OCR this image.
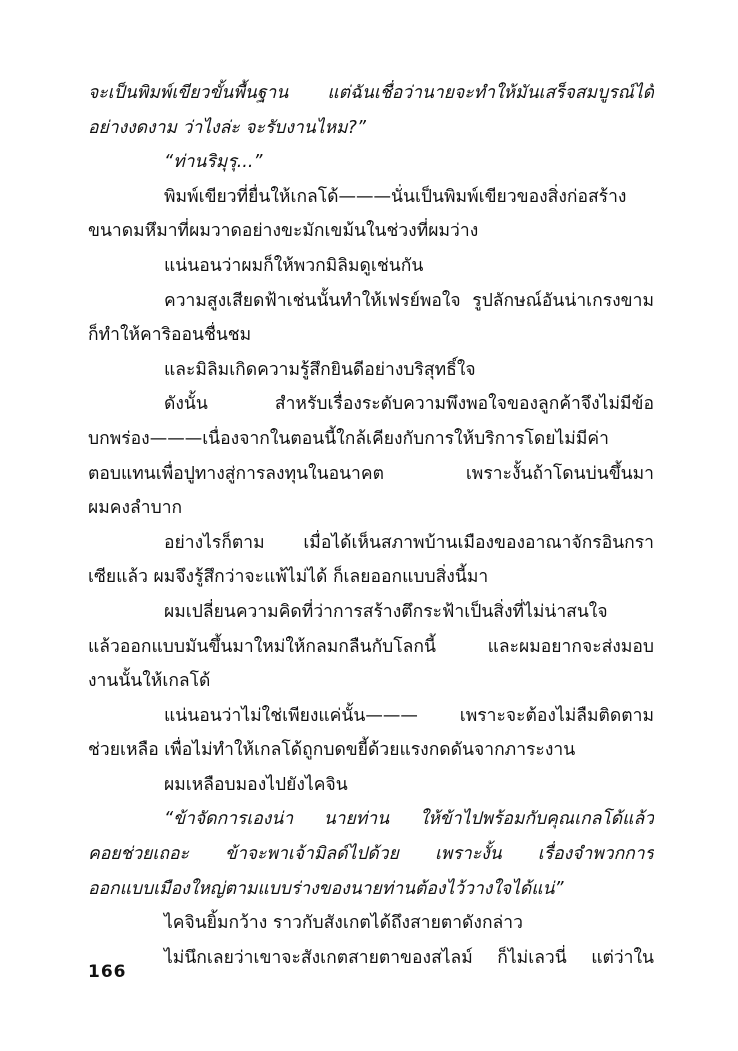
จะเป็นพิมพ์เขียวขั้นพื้นฐาน แต่ฉันเชื่อว่านายจะทำให้มันเสร็จสมบูรณ์ได้
อย่างงดงาม ว่าไงล่ะ จะรับงานไหม?”
“ท่านริมุรุ...”
พิมพ์เขียวที่ยื่นให้เกลโด้———นั่นเป็นพิมพ์เขียวของสิ่งก่อสร้าง
ขนาดมหึมาที่ผมวาดอย่างขะมักเขม้นในช่วงที่ผมว่าง
แน่นอนว่าผมก็ให้พวกมิลิมดูเช่นกัน
ความสูงเสียดฟ้าเช่นนั้นทำให้เฟรย์พอใจ รูปลักษณ์อันน่าเกรงขาม
ก็ทำให้คาริออนชื่นชม
และมิลิมเกิดความรู้สึกยินดีอย่างบริสุทธิ์ใจ
ดังนั้น สำหรับเรื่องระดับความพึงพอใจของลูกค้าจึงไม่มีข้อ
บกพร่อง———เนื่องจากในตอนนี้ใกล้เคียงกับการให้บริการโดยไม่มีค่า
ตอบแทนเพื่อปูทางสู่การลงทุนในอนาคต เพราะงั้นถ้าโดนบ่นขึ้นมา
ผมคงลำบาก
อย่างไรก็ตาม เมื่อได้เห็นสภาพบ้านเมืองของอาณาจักรอินกรา
เซียแล้ว ผมจึงรู้สึกว่าจะแพ้ไม่ได้ ก็เลยออกแบบสิ่งนี้มา
ผมเปลี่ยนความคิดที่ว่าการสร้างตึกระฟ้าเป็นสิ่งที่ไม่น่าสนใจ
แล้วออกแบบมันขึ้นมาใหม่ให้กลมกลืนกับโลกนี้ และผมอยากจะส่งมอบ
งานนั้นให้เกลโด้
แน่นอนว่าไม่ใช่เพียงแค่นั้น——— เพราะจะต้องไม่ลืมติดตาม
ช่วยเหลือ เพื่อไม่ทำให้เกลโด้ถูกบดขยี้ด้วยแรงกดดันจากภาระงาน
ผมเหลือบมองไปยังไคจิน
“ข้าจัดการเองน่า นายท่าน ให้ข้าไปพร้อมกับคุณเกลโด้แล้ว
คอยช่วยเถอะ ข้าจะพาเจ้ามิลด์ไปด้วย เพราะงั้น เรื่องจำพวกการ
ออกแบบเมืองใหญ่ตามแบบร่างของนายท่านต้องไว้วางใจได้แน่”
ไคจินยิ้มกว้าง ราวกับสังเกตได้ถึงสายตาดังกล่าว
ไม่นึกเลยว่าเขาจะสังเกตสายตาของสไลม์ ก็ไม่เลวนี่ แต่ว่าใน
166
